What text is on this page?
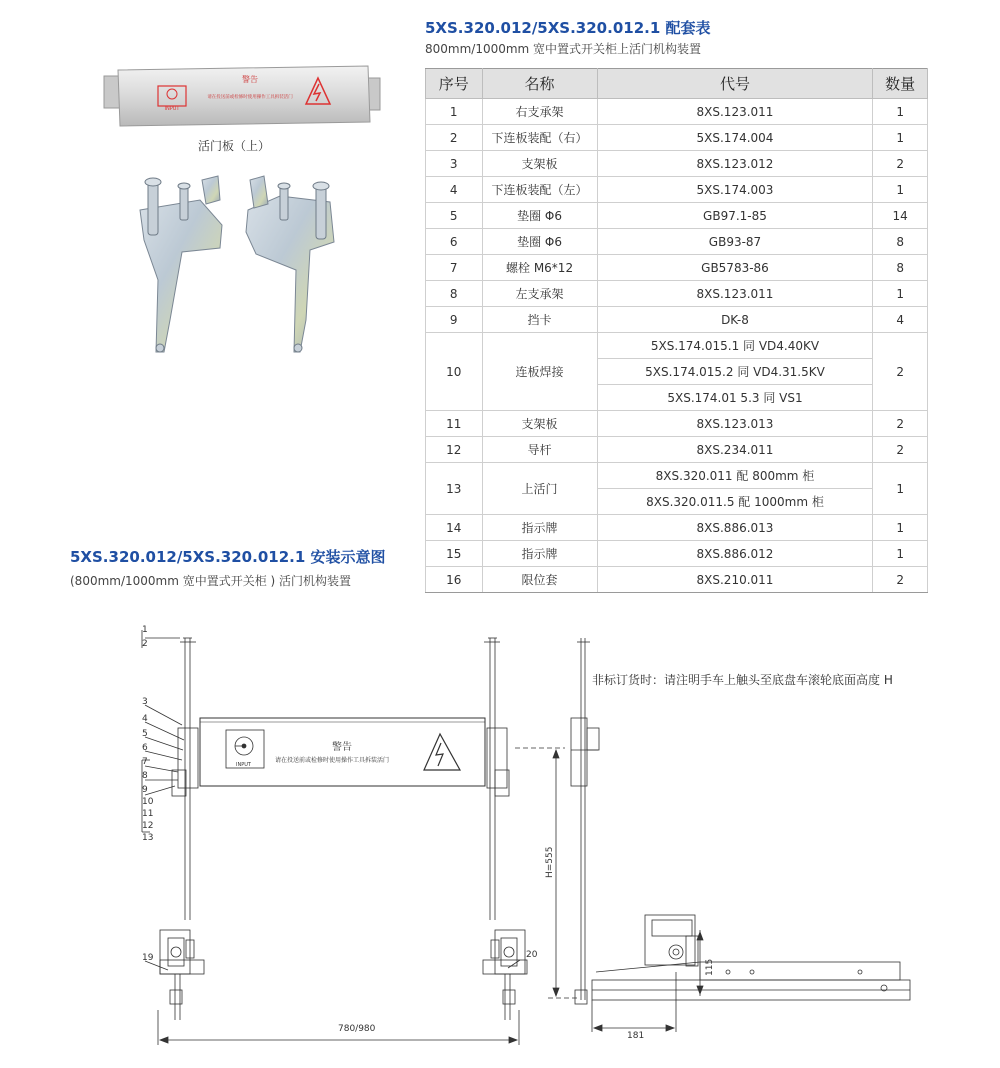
5XS.320.012/5XS.320.012.1 配套表
800mm/1000mm 宽中置式开关柜上活门机构装置
序号	名称	代号	数量
1	右支承架	8XS.123.011	1
2	下连板装配（右）	5XS.174.004	1
3	支架板	8XS.123.012	2
4	下连板装配（左）	5XS.174.003	1
5	垫圈 Φ6	GB97.1-85	14
6	垫圈 Φ6	GB93-87	8
7	螺栓 M6*12	GB5783-86	8
8	左支承架	8XS.123.011	1
9	挡卡	DK-8	4
10	连板焊接	5XS.174.015.1 同 VD4.40KV	2
		5XS.174.015.2 同 VD4.31.5KV	
		5XS.174.01 5.3 同 VS1	
11	支架板	8XS.123.013	2
12	导杆	8XS.234.011	2
13	上活门	8XS.320.011 配 800mm 柜	1
		8XS.320.011.5 配 1000mm 柜	
14	指示牌	8XS.886.013	1
15	指示牌	8XS.886.012	1
16	限位套	8XS.210.011	2
INPUT
警告
请在投送前或检修时使用操作工具拆装活门
活门板（上）
5XS.320.012/5XS.320.012.1 安装示意图
(800mm/1000mm 宽中置式开关柜 ) 活门机构装置
1
2
3
4
5
6
7
8
9
10
11
12
13
19	20
780/980
H=555
115
181
警告
INPUT
请在投送前或检修时使用操作工具拆装活门
非标订货时：请注明手车上触头至底盘车滚轮底面高度 H
